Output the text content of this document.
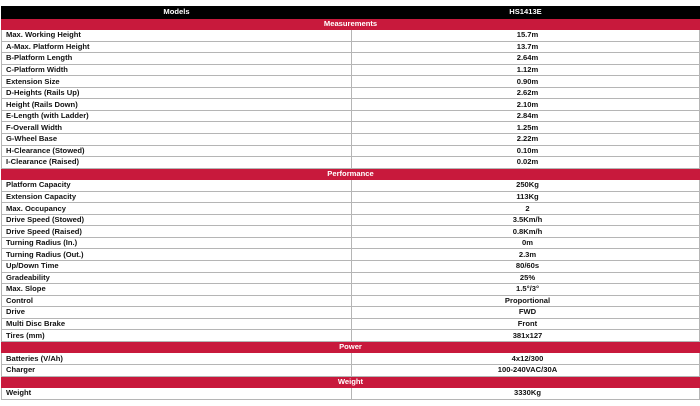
Models	HS1413E
Measurements	
Max. Working Height	15.7m
A-Max. Platform Height	13.7m
B-Platform Length	2.64m
C-Platform Width	1.12m
Extension Size	0.90m
D-Heights (Rails Up)	2.62m
Height (Rails Down)	2.10m
E-Length (with Ladder)	2.84m
F-Overall Width	1.25m
G-Wheel Base	2.22m
H-Clearance (Stowed)	0.10m
I-Clearance (Raised)	0.02m
Performance	
Platform Capacity	250Kg
Extension Capacity	113Kg
Max. Occupancy	2
Drive Speed (Stowed)	3.5Km/h
Drive Speed (Raised)	0.8Km/h
Turning Radius (In.)	0m
Turning Radius (Out.)	2.3m
Up/Down Time	80/60s
Gradeability	25%
Max. Slope	1.5°/3°
Control	Proportional
Drive	FWD
Multi Disc Brake	Front
Tires (mm)	381x127
Power	
Batteries (V/Ah)	4x12/300
Charger	100-240VAC/30A
Weight	
Weight	3330Kg
